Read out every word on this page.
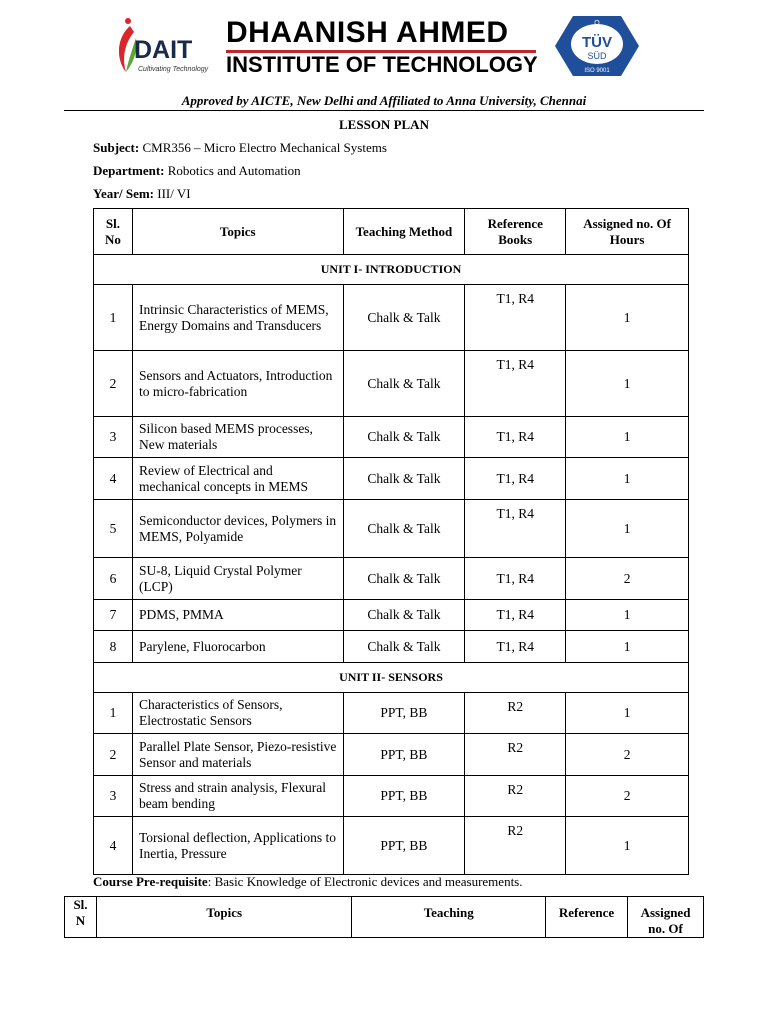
DAIT
Cultivating Technology
DHAANISH AHMED
INSTITUTE OF TECHNOLOGY
Q
TÜV
SÜD
ISO 9001
Approved by AICTE, New Delhi and Affiliated to Anna University, Chennai
LESSON PLAN
Subject: CMR356 – Micro Electro Mechanical Systems
Department: Robotics and Automation
Year/ Sem: III/ VI
Sl. No	Topics	Teaching Method	Reference Books	Assigned no. Of Hours
UNIT I- INTRODUCTION				
1	Intrinsic Characteristics of MEMS, Energy Domains and Transducers	Chalk & Talk	T1, R4	1
2	Sensors and Actuators, Introduction to micro-fabrication	Chalk & Talk	T1, R4	1
3	Silicon based MEMS processes, New materials	Chalk & Talk	T1, R4	1
4	Review of Electrical and mechanical concepts in MEMS	Chalk & Talk	T1, R4	1
5	Semiconductor devices, Polymers in MEMS, Polyamide	Chalk & Talk	T1, R4	1
6	SU-8, Liquid Crystal Polymer (LCP)	Chalk & Talk	T1, R4	2
7	PDMS, PMMA	Chalk & Talk	T1, R4	1
8	Parylene, Fluorocarbon	Chalk & Talk	T1, R4	1
UNIT II- SENSORS				
1	Characteristics of Sensors, Electrostatic Sensors	PPT, BB	R2	1
2	Parallel Plate Sensor, Piezo-resistive Sensor and materials	PPT, BB	R2	2
3	Stress and strain analysis, Flexural beam bending	PPT, BB	R2	2
4	Torsional deflection, Applications to Inertia, Pressure	PPT, BB	R2	1
Course Pre-requisite: Basic Knowledge of Electronic devices and measurements.
Sl. N	Topics	Teaching	Reference	Assigned no. Of
